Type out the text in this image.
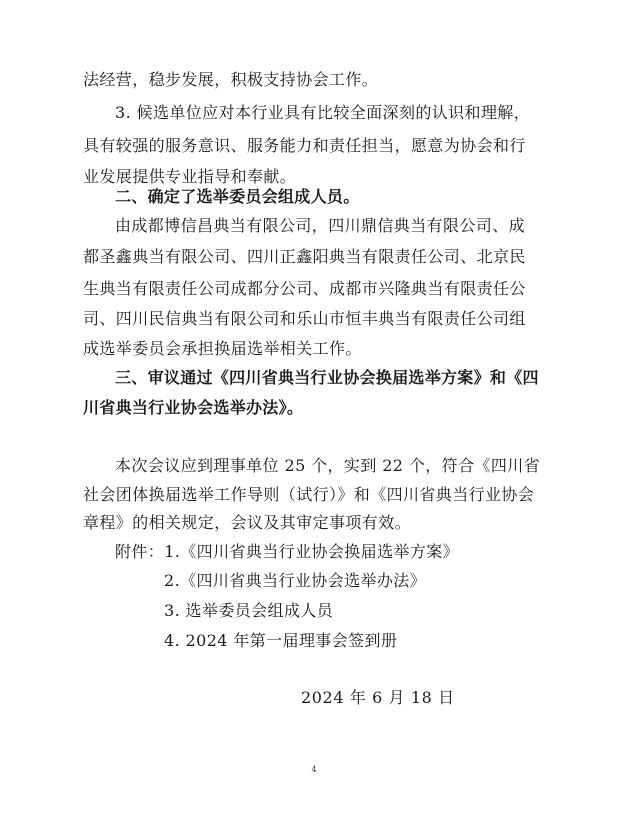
法经营，稳步发展，积极支持协会工作。
3. 候选单位应对本行业具有比较全面深刻的认识和理解，
具有较强的服务意识、服务能力和责任担当，愿意为协会和行
业发展提供专业指导和奉献。
二、确定了选举委员会组成人员。
由成都博信昌典当有限公司，四川鼎信典当有限公司、成
都圣鑫典当有限公司、四川正鑫阳典当有限责任公司、北京民
生典当有限责任公司成都分公司、成都市兴隆典当有限责任公
司、四川民信典当有限公司和乐山市恒丰典当有限责任公司组
成选举委员会承担换届选举相关工作。
三、审议通过《四川省典当行业协会换届选举方案》和《四
川省典当行业协会选举办法》。
本次会议应到理事单位 25 个，实到 22 个，符合《四川省
社会团体换届选举工作导则（试行）》和《四川省典当行业协会
章程》的相关规定，会议及其审定事项有效。
附件：1.《四川省典当行业协会换届选举方案》
2.《四川省典当行业协会选举办法》
3. 选举委员会组成人员
4. 2024 年第一届理事会签到册
2024 年 6 月 18 日
4
